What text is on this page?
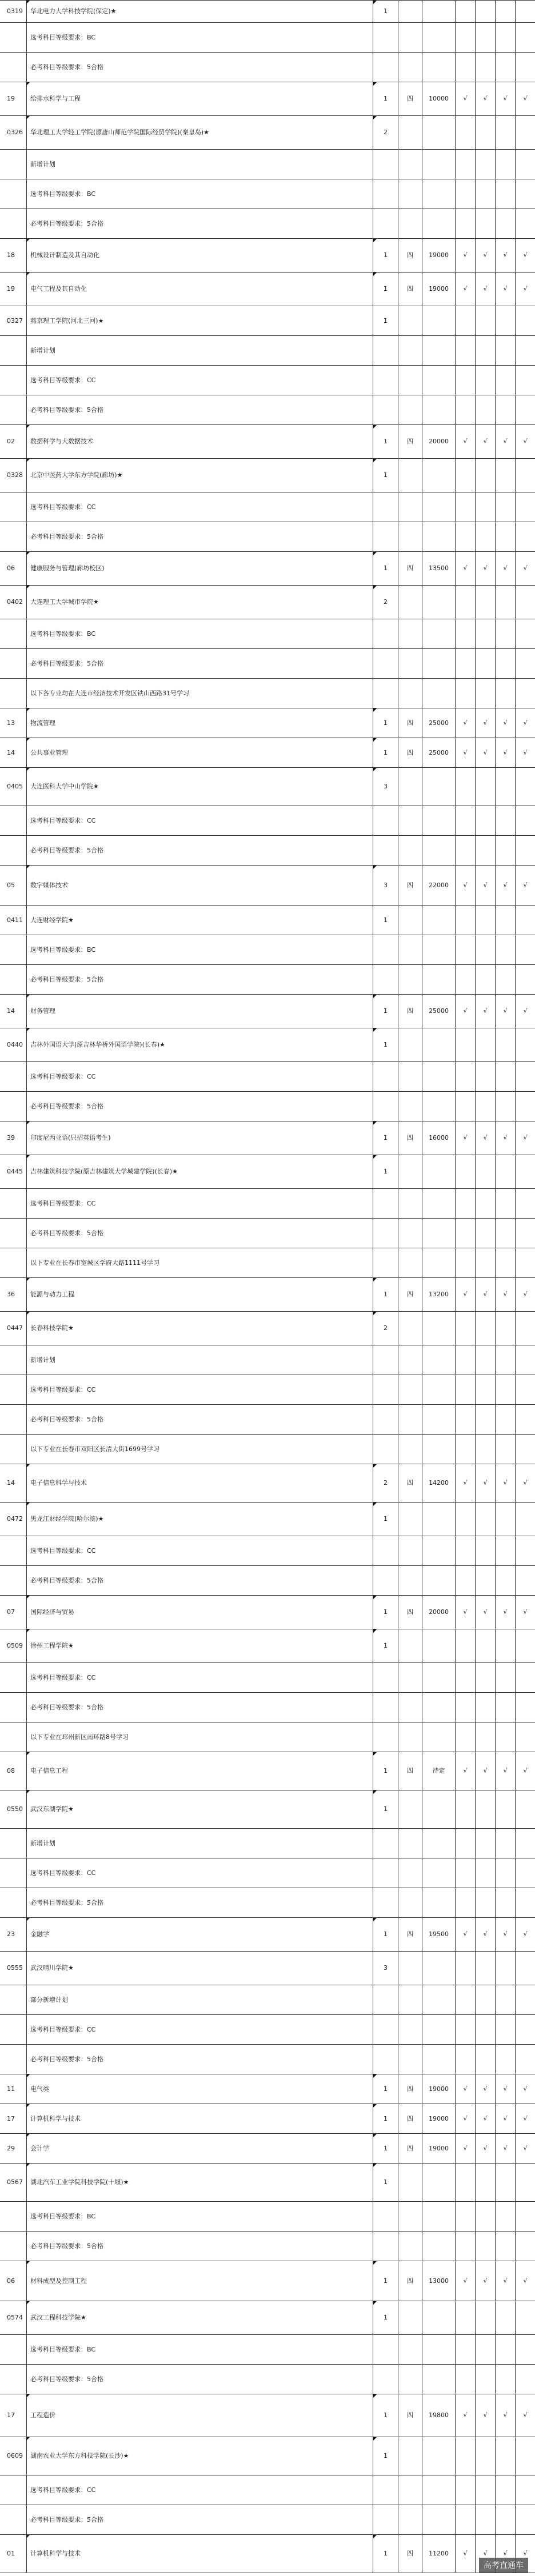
0319	华北电力大学科技学院(保定)★	1
选考科目等级要求：BC
必考科目等级要求：5合格
19	给排水科学与工程	1	四	10000	√	√	√	√
0326	华北理工大学轻工学院(原唐山师范学院国际经贸学院)(秦皇岛)★	2
新增计划
选考科目等级要求：BC
必考科目等级要求：5合格
18	机械设计制造及其自动化	1	四	19000	√	√	√	√
19	电气工程及其自动化	1	四	19000	√	√	√	√
0327	燕京理工学院(河北三河)★	1
新增计划
选考科目等级要求：CC
必考科目等级要求：5合格
02	数据科学与大数据技术	1	四	20000	√	√	√	√
0328	北京中医药大学东方学院(廊坊)★	1
选考科目等级要求：CC
必考科目等级要求：5合格
06	健康服务与管理(廊坊校区)	1	四	13500	√	√	√	√
0402	大连理工大学城市学院★	2
选考科目等级要求：BC
必考科目等级要求：5合格
以下各专业均在大连市经济技术开发区铁山西路31号学习
13	物流管理	1	四	25000	√	√	√	√
14	公共事业管理	1	四	25000	√	√	√	√
0405	大连医科大学中山学院★	3
选考科目等级要求：CC
必考科目等级要求：5合格
05	数字媒体技术	3	四	22000	√	√	√	√
0411	大连财经学院★	1
选考科目等级要求：BC
必考科目等级要求：5合格
14	财务管理	1	四	25000	√	√	√	√
0440	吉林外国语大学(原吉林华桥外国语学院)(长春)★	1
选考科目等级要求：CC
必考科目等级要求：5合格
39	印度尼西亚语(只招英语考生)	1	四	16000	√	√	√	√
0445	吉林建筑科技学院(原吉林建筑大学城建学院)(长春)★	1
选考科目等级要求：CC
必考科目等级要求：5合格
以下专业在长春市宽城区学府大路1111号学习
36	能源与动力工程	1	四	13200	√	√	√	√
0447	长春科技学院★	2
新增计划
选考科目等级要求：CC
必考科目等级要求：5合格
以下专业在长春市双阳区长清大街1699号学习
14	电子信息科学与技术	2	四	14200	√	√	√	√
0472	黑龙江财经学院(哈尔滨)★	1
选考科目等级要求：CC
必考科目等级要求：5合格
07	国际经济与贸易	1	四	20000	√	√	√	√
0509	徐州工程学院★	1
选考科目等级要求：CC
必考科目等级要求：5合格
以下专业在邳州新区南环路8号学习
08	电子信息工程	1	四	待定	√	√	√	√
0550	武汉东湖学院★	1
新增计划
选考科目等级要求：CC
必考科目等级要求：5合格
23	金融学	1	四	19500	√	√	√	√
0555	武汉晴川学院★	3
部分新增计划
选考科目等级要求：CC
必考科目等级要求：5合格
11	电气类	1	四	19000	√	√	√	√
17	计算机科学与技术	1	四	19000	√	√	√	√
29	会计学	1	四	19000	√	√	√	√
0567	湖北汽车工业学院科技学院(十堰)★	1
选考科目等级要求：BC
必考科目等级要求：5合格
06	材料成型及控制工程	1	四	13000	√	√	√	√
0574	武汉工程科技学院★	1
选考科目等级要求：BC
必考科目等级要求：5合格
17	工程造价	1	四	19800	√	√	√	√
0609	湖南农业大学东方科技学院(长沙)★	1
选考科目等级要求：CC
必考科目等级要求：5合格
01	计算机科学与技术	1	四	11200	√	√	√	√
高考直通车
